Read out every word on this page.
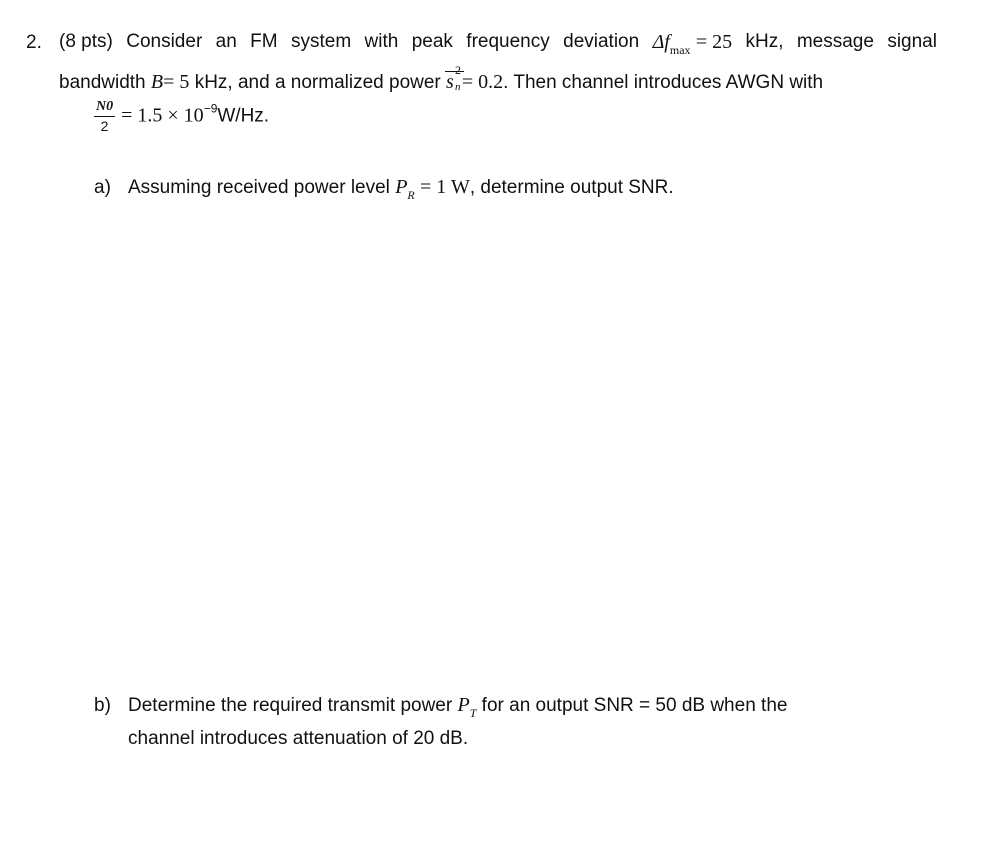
2. (8 pts) Consider an FM system with peak frequency deviation $\Delta f_{max} = 25$ kHz, message signal
bandwidth B= 5 kHz, and a normalized power s
2
n = 0.2. Then channel introduces AWGN with
$\frac{N0}{2} = 1.5 \times 10^{-9}W/Hz$.
a) Assuming received power level $P_R = 1$ W, determine output SNR.
b) Determine the required transmit power $P_T$ for an output SNR = 50 dB when the
channel introduces attenuation of 20 dB.
